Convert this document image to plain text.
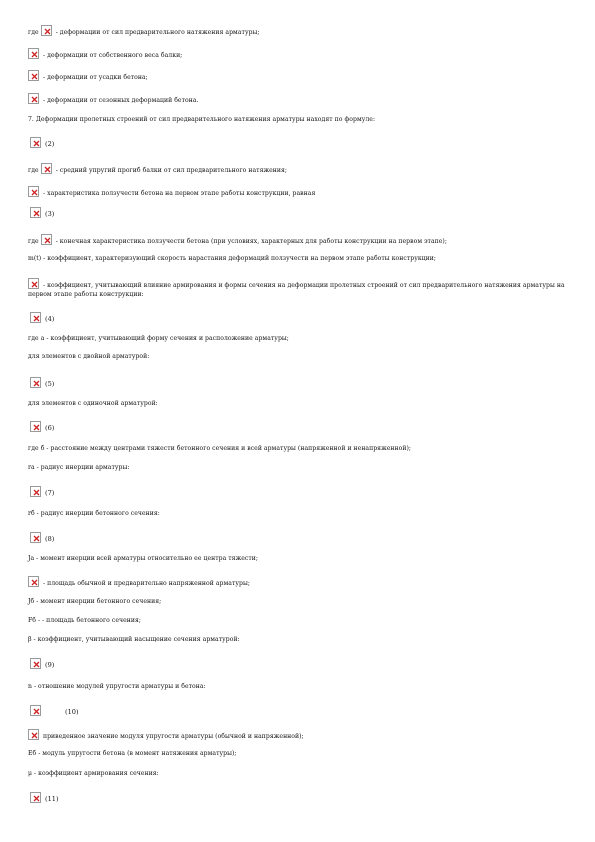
где
- деформации от сил предварительного натяжения арматуры;
- деформации от собственного веса балки;
- деформации от усадки бетона;
- деформации от сезонных деформаций бетона.
7. Деформации пролетных строений от сил предварительного натяжения арматуры находят по формуле:
(2)
где
- средний упругий прогиб балки от сил предварительного натяжения;
- характеристика ползучести бетона на первом этапе работы конструкции, равная
(3)
где
- конечная характеристика ползучести бетона (при условиях, характерных для работы конструкции на первом этапе);
m(t) - коэффициент, характеризующий скорость нарастания деформаций ползучести на первом этапе работы конструкции;
- коэффициент, учитывающий влияние армирования и формы сечения на деформации пролетных строений от сил предварительного натяжения арматуры на первом этапе работы конструкции:
(4)
где a - коэффициент, учитывающий форму сечения и расположение арматуры;
для элементов с двойной арматурой:
(5)
для элементов с одиночной арматурой:
(6)
где б - расстояние между центрами тяжести бетонного сечения и всей арматуры (напряженной и ненапряженной);
rа - радиус инерции арматуры:
(7)
rб - радиус инерции бетонного сечения:
(8)
Jа - момент инерции всей арматуры относительно ее центра тяжести;
- площадь обычной и предварительно напряженной арматуры;
Jб - момент инерции бетонного сечения;
Fб - - площадь бетонного сечения;
β - коэффициент, учитывающий насыщение сечения арматурой:
(9)
n - отношение модулей упругости арматуры и бетона:
(10)
приведенное значение модуля упругости арматуры (обычной и напряженной);
Eб - модуль упругости бетона (в момент натяжения арматуры);
μ - коэффициент армирования сечения:
(11)
